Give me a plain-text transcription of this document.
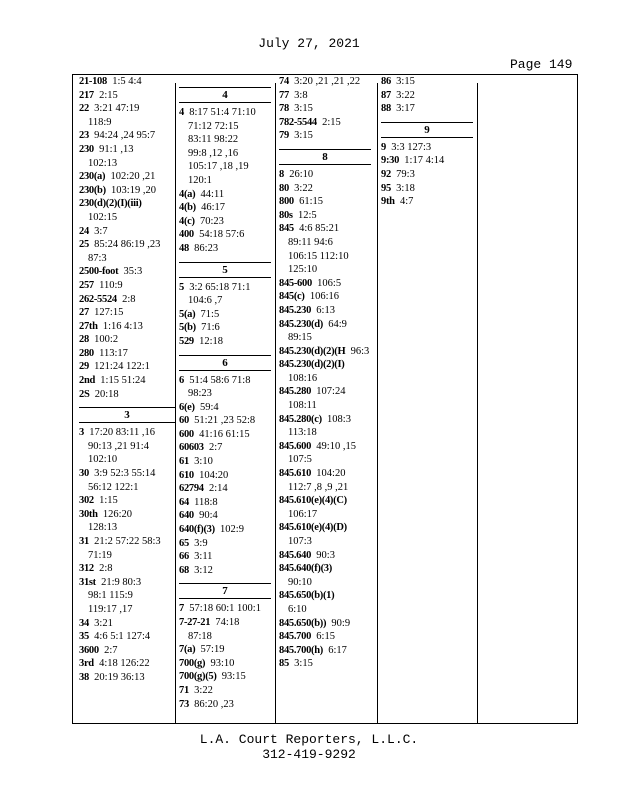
July 27, 2021
Page 149
21-108 1:5 4:4
217 2:15
22 3:21 47:19
118:9
23 94:24 ,24 95:7
230 91:1 ,13
102:13
230(a) 102:20 ,21
230(b) 103:19 ,20
230(d)(2)(I)(iii)
102:15
24 3:7
25 85:24 86:19 ,23
87:3
2500-foot 35:3
257 110:9
262-5524 2:8
27 127:15
27th 1:16 4:13
28 100:2
280 113:17
29 121:24 122:1
2nd 1:15 51:24
2S 20:18
3
3 17:20 83:11 ,16
90:13 ,21 91:4
102:10
30 3:9 52:3 55:14
56:12 122:1
302 1:15
30th 126:20
128:13
31 21:2 57:22 58:3
71:19
312 2:8
31st 21:9 80:3
98:1 115:9
119:17 ,17
34 3:21
35 4:6 5:1 127:4
3600 2:7
3rd 4:18 126:22
38 20:19 36:13
4
4 8:17 51:4 71:10
71:12 72:15
83:11 98:22
99:8 ,12 ,16
105:17 ,18 ,19
120:1
4(a) 44:11
4(b) 46:17
4(c) 70:23
400 54:18 57:6
48 86:23
5
5 3:2 65:18 71:1
104:6 ,7
5(a) 71:5
5(b) 71:6
529 12:18
6
6 51:4 58:6 71:8
98:23
6(e) 59:4
60 51:21 ,23 52:8
600 41:16 61:15
60603 2:7
61 3:10
610 104:20
62794 2:14
64 118:8
640 90:4
640(f)(3) 102:9
65 3:9
66 3:11
68 3:12
7
7 57:18 60:1 100:1
7-27-21 74:18
87:18
7(a) 57:19
700(g) 93:10
700(g)(5) 93:15
71 3:22
73 86:20 ,23
74 3:20 ,21 ,21 ,22
77 3:8
78 3:15
782-5544 2:15
79 3:15
8
8 26:10
80 3:22
800 61:15
80s 12:5
845 4:6 85:21
89:11 94:6
106:15 112:10
125:10
845-600 106:5
845(c) 106:16
845.230 6:13
845.230(d) 64:9
89:15
845.230(d)(2)(H 96:3
845.230(d)(2)(I)
108:16
845.280 107:24
108:11
845.280(c) 108:3
113:18
845.600 49:10 ,15
107:5
845.610 104:20
112:7 ,8 ,9 ,21
845.610(e)(4)(C)
106:17
845.610(e)(4)(D)
107:3
845.640 90:3
845.640(f)(3)
90:10
845.650(b)(1)
6:10
845.650(b)) 90:9
845.700 6:15
845.700(h) 6:17
85 3:15
86 3:15
87 3:22
88 3:17
9
9 3:3 127:3
9:30 1:17 4:14
92 79:3
95 3:18
9th 4:7
L.A. Court Reporters, L.L.C.
312-419-9292
